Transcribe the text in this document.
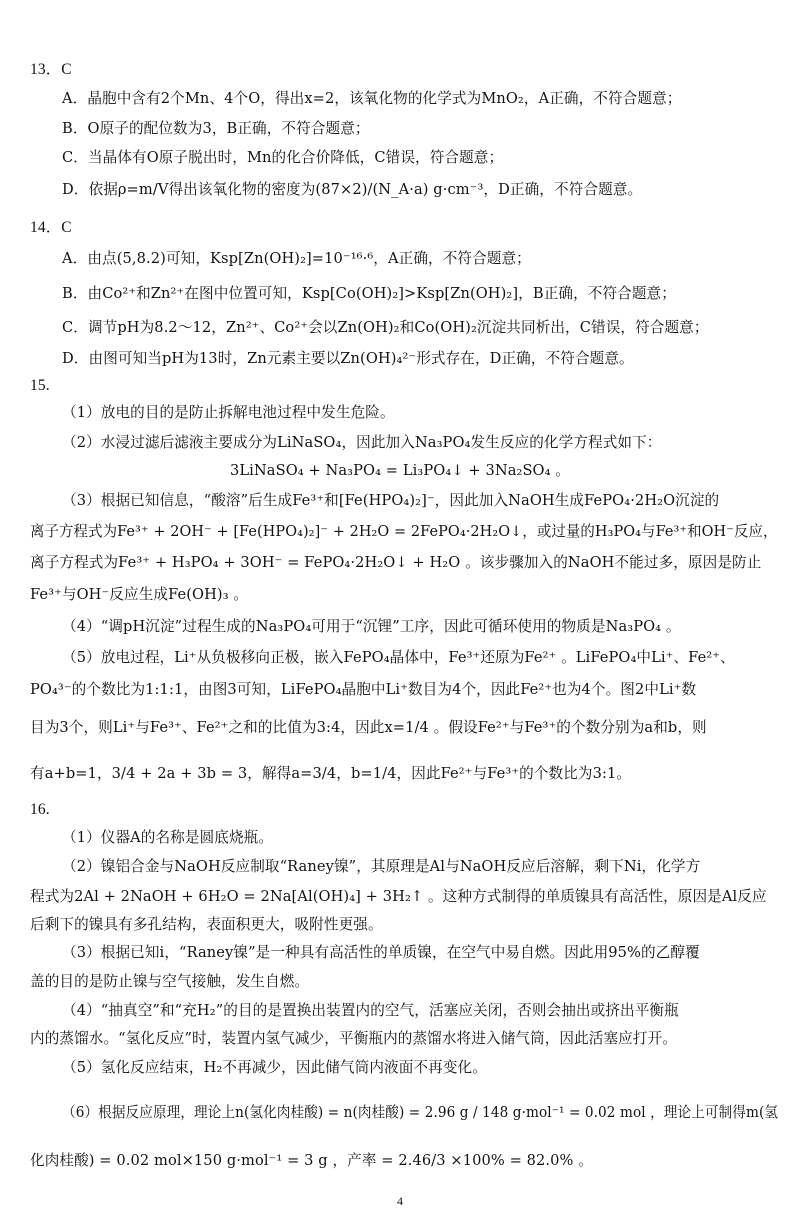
13．C
A．晶胞中含有2个Mn、4个O，得出x=2，该氧化物的化学式为MnO₂，A正确，不符合题意；
B．O原子的配位数为3，B正确，不符合题意；
C．当晶体有O原子脱出时，Mn的化合价降低，C错误，符合题意；
D．依据ρ=m/V得出该氧化物的密度为(87×2)/(N_A·a) g·cm⁻³，D正确，不符合题意。
14．C
A．由点(5,8.2)可知，Ksp[Zn(OH)₂]=10⁻¹⁶·⁶，A正确，不符合题意；
B．由Co²⁺和Zn²⁺在图中位置可知，Ksp[Co(OH)₂]>Ksp[Zn(OH)₂]，B正确，不符合题意；
C．调节pH为8.2～12，Zn²⁺、Co²⁺会以Zn(OH)₂和Co(OH)₂沉淀共同析出，C错误，符合题意；
D．由图可知当pH为13时，Zn元素主要以Zn(OH)₄²⁻形式存在，D正确，不符合题意。
15.
（1）放电的目的是防止拆解电池过程中发生危险。
（2）水浸过滤后滤液主要成分为LiNaSO₄，因此加入Na₃PO₄发生反应的化学方程式如下：
3LiNaSO₄ + Na₃PO₄ = Li₃PO₄↓ + 3Na₂SO₄ 。
（3）根据已知信息，“酸溶”后生成Fe³⁺和[Fe(HPO₄)₂]⁻，因此加入NaOH生成FePO₄·2H₂O沉淀的
离子方程式为Fe³⁺ + 2OH⁻ + [Fe(HPO₄)₂]⁻ + 2H₂O = 2FePO₄·2H₂O↓，或过量的H₃PO₄与Fe³⁺和OH⁻反应，
离子方程式为Fe³⁺ + H₃PO₄ + 3OH⁻ = FePO₄·2H₂O↓ + H₂O 。该步骤加入的NaOH不能过多，原因是防止
Fe³⁺与OH⁻反应生成Fe(OH)₃ 。
（4）“调pH沉淀”过程生成的Na₃PO₄可用于“沉锂”工序，因此可循环使用的物质是Na₃PO₄ 。
（5）放电过程，Li⁺从负极移向正极，嵌入FePO₄晶体中，Fe³⁺还原为Fe²⁺ 。LiFePO₄中Li⁺、Fe²⁺、
PO₄³⁻的个数比为1:1:1，由图3可知，LiFePO₄晶胞中Li⁺数目为4个，因此Fe²⁺也为4个。图2中Li⁺数
目为3个，则Li⁺与Fe³⁺、Fe²⁺之和的比值为3:4，因此x=1/4 。假设Fe²⁺与Fe³⁺的个数分别为a和b，则
有a+b=1，3/4 + 2a + 3b = 3，解得a=3/4，b=1/4，因此Fe²⁺与Fe³⁺的个数比为3:1。
16.
（1）仪器A的名称是圆底烧瓶。
（2）镍铝合金与NaOH反应制取“Raney镍”，其原理是Al与NaOH反应后溶解，剩下Ni，化学方
程式为2Al + 2NaOH + 6H₂O = 2Na[Al(OH)₄] + 3H₂↑ 。这种方式制得的单质镍具有高活性，原因是Al反应
后剩下的镍具有多孔结构，表面积更大，吸附性更强。
（3）根据已知ⅰ，“Raney镍”是一种具有高活性的单质镍，在空气中易自燃。因此用95%的乙醇覆
盖的目的是防止镍与空气接触，发生自燃。
（4）“抽真空”和“充H₂”的目的是置换出装置内的空气，活塞应关闭，否则会抽出或挤出平衡瓶
内的蒸馏水。“氢化反应”时，装置内氢气减少，平衡瓶内的蒸馏水将进入储气筒，因此活塞应打开。
（5）氢化反应结束，H₂不再减少，因此储气筒内液面不再变化。
（6）根据反应原理，理论上n(氢化肉桂酸) = n(肉桂酸) = 2.96 g / 148 g·mol⁻¹ = 0.02 mol ，理论上可制得m(氢
化肉桂酸) = 0.02 mol×150 g·mol⁻¹ = 3 g ，产率 = 2.46/3 ×100% = 82.0% 。
4
